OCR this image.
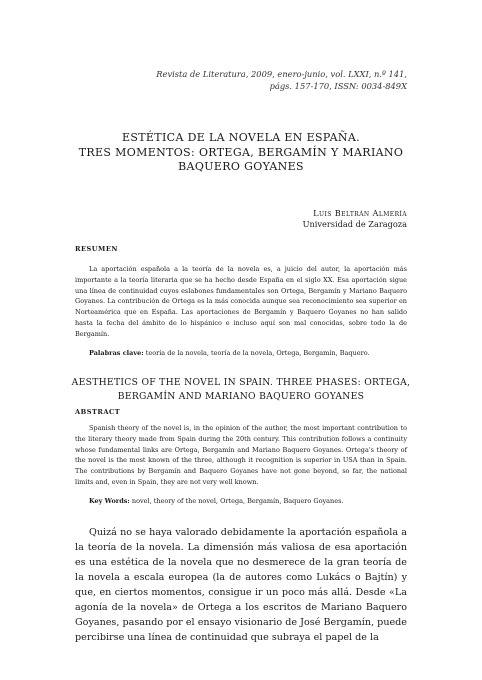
Revista de Literatura, 2009, enero-junio, vol. LXXI, n.º 141,
págs. 157-170, ISSN: 0034-849X
ESTÉTICA DE LA NOVELA EN ESPAÑA.
TRES MOMENTOS: ORTEGA, BERGAMÍN Y MARIANO
BAQUERO GOYANES
Luis Beltrán Almería
Universidad de Zaragoza
RESUMEN

La aportación española a la teoría de la novela es, a juicio del autor, la aportación más importante a la teoría literaria que se ha hecho desde España en el siglo XX. Esa aportación sigue una línea de continuidad cuyos eslabones fundamentales son Ortega, Bergamín y Mariano Baquero Goyanes. La contribución de Ortega es la más conocida aunque sea reconocimiento sea superior en Norteamérica que en España. Las aportaciones de Bergamín y Baquero Goyanes no han salido hasta la fecha del ámbito de lo hispánico e incluso aquí son mal conocidas, sobre todo la de Bergamín.

Palabras clave: teoría de la novela, teoría de la novela, Ortega, Bergamín, Baquero.

AESTHETICS OF THE NOVEL IN SPAIN. THREE PHASES: ORTEGA,
BERGAMÍN AND MARIANO BAQUERO GOYANES
ABSTRACT

Spanish theory of the novel is, in the opinion of the author, the most important contribution to the literary theory made from Spain during the 20th century. This contribution follows a continuity whose fundamental links are Ortega, Bergamín and Mariano Baquero Goyanes. Ortega's theory of the novel is the most known of the three, although it recognition is superior in USA than in Spain. The contributions by Bergamín and Baquero Goyanes have not gone beyond, so far, the national limits and, even in Spain, they are not very well known.

Key Words: novel, theory of the novel, Ortega, Bergamín, Baquero Goyanes.

Quizá no se haya valorado debidamente la aportación española a la teoría de la novela. La dimensión más valiosa de esa aportación es una estética de la novela que no desmerece de la gran teoría de la novela a escala europea (la de autores como Lukács o Bajtín) y que, en ciertos momentos, consigue ir un poco más allá. Desde «La agonía de la novela» de Ortega a los escritos de Mariano Baquero Goyanes, pasando por el ensayo visionario de José Bergamín, puede percibirse una línea de continuidad que subraya el papel de la
